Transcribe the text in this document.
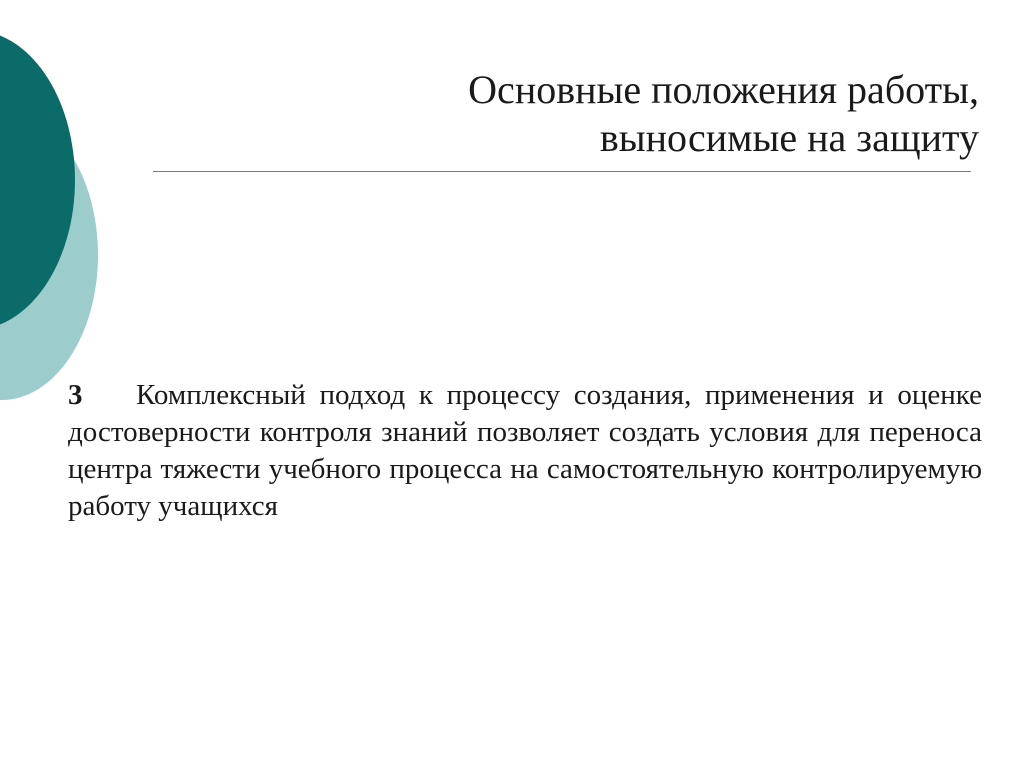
Основные положения работы,
выносимые на защиту

3 Комплексный подход к процессу создания, применения и оценке достоверности контроля знаний позволяет создать условия для переноса центра тяжести учебного процесса на самостоятельную контролируемую работу учащихся
